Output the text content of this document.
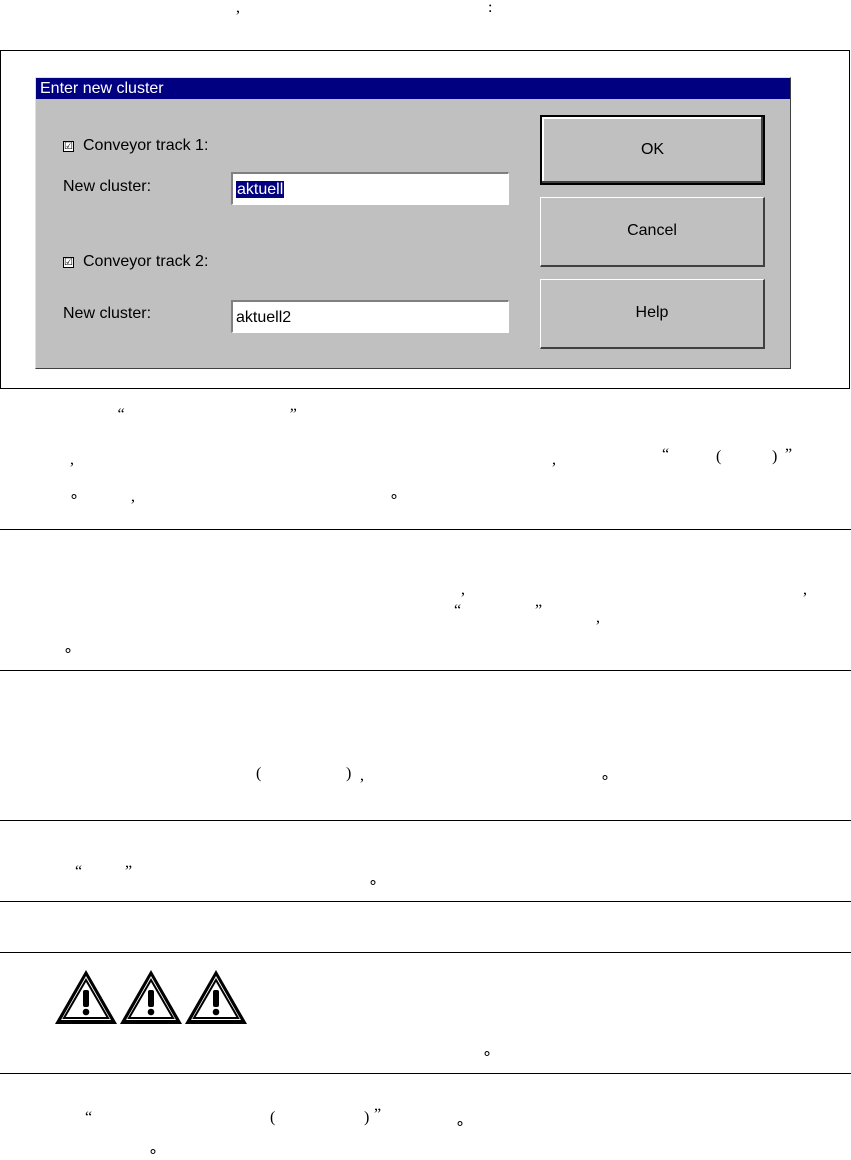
,	:
Enter new cluster
☑ Conveyor track 1:
New cluster:	aktuell
☑ Conveyor track 2:
New cluster:	aktuell2
OK
Cancel
Help
“	”
,	,	“	(	) ”
∘	,	∘
,	,
“	”	,
∘
(	) ,	∘
“	”
∘
∘
“	(	) ”
∘
∘
